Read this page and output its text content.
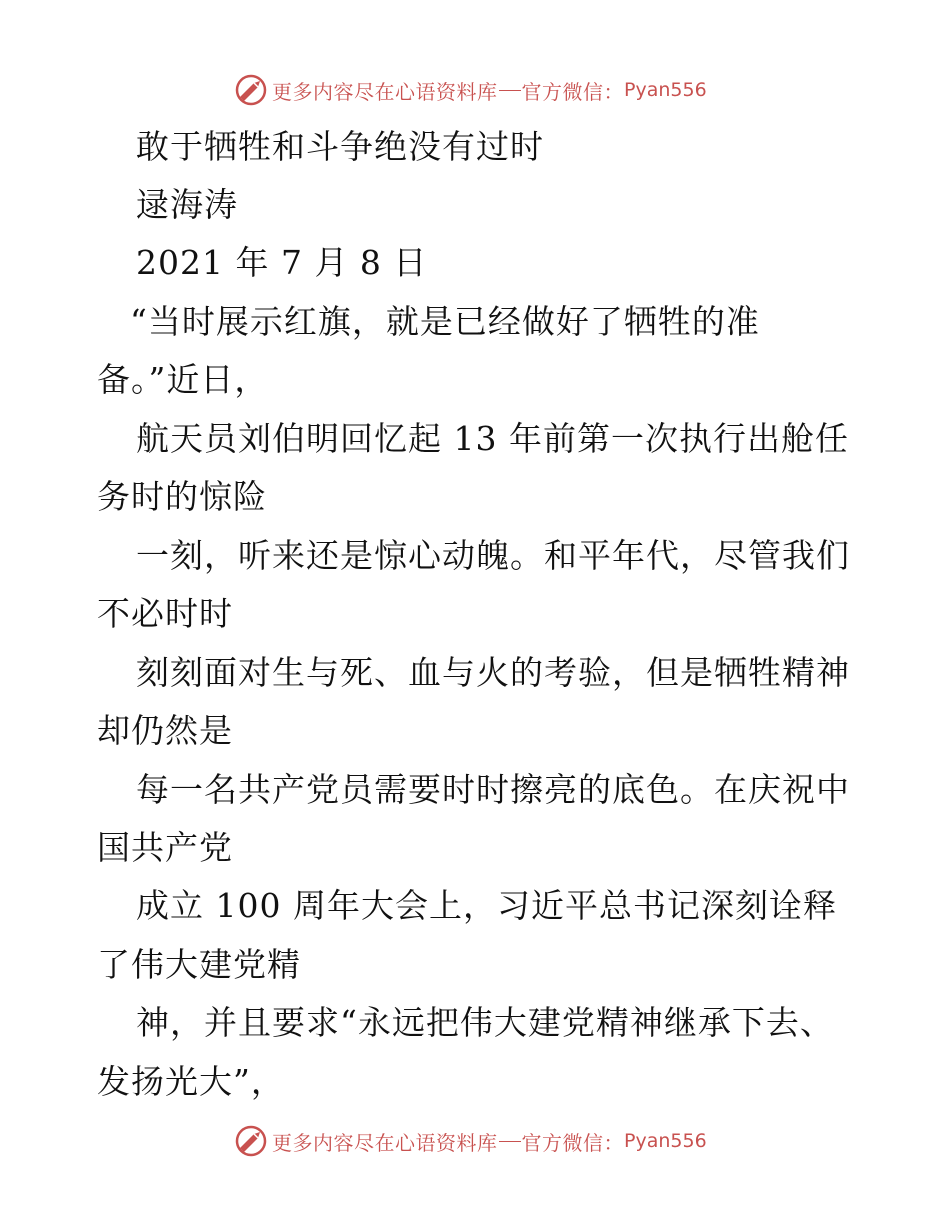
更多内容尽在心语资料库 官方微信： Pyan556
敢于牺牲和斗争绝没有过时
逯海涛
2021 年 7 月 8 日
“当时展示红旗，就是已经做好了牺牲的准
备。”近日，
航天员刘伯明回忆起 13 年前第一次执行出舱任
务时的惊险
一刻，听来还是惊心动魄。和平年代，尽管我们
不必时时
刻刻面对生与死、血与火的考验，但是牺牲精神
却仍然是
每一名共产党员需要时时擦亮的底色。在庆祝中
国共产党
成立 100 周年大会上，习近平总书记深刻诠释
了伟大建党精
神，并且要求“永远把伟大建党精神继承下去、
发扬光大”，
更多内容尽在心语资料库 官方微信： Pyan556
